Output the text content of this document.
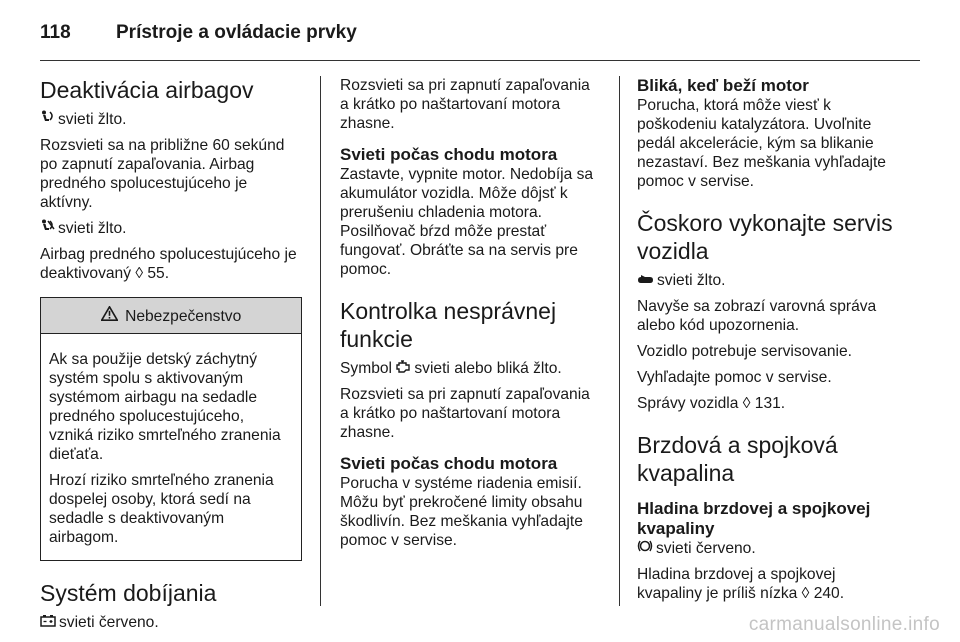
118 Prístroje a ovládacie prvky
Deaktivácia airbagov

svieti žlto.

Rozsvieti sa na približne 60 sekúnd po zapnutí zapaľovania. Airbag predného spolucestujúceho je aktívny.

svieti žlto.

Airbag predného spolucestujúceho je deaktivovaný ◊ 55.

Nebezpečenstvo

Ak sa použije detský záchytný systém spolu s aktivovaným systémom airbagu na sedadle predného spolucestujúceho, vzniká riziko smrteľného zranenia dieťaťa.

Hrozí riziko smrteľného zranenia dospelej osoby, ktorá sedí na sedadle s deaktivovaným airbagom.

Systém dobíjania

svieti červeno.

Rozsvieti sa pri zapnutí zapaľovania a krátko po naštartovaní motora zhasne.

Svieti počas chodu motora

Zastavte, vypnite motor. Nedobíja sa akumulátor vozidla. Môže dôjsť k prerušeniu chladenia motora. Posilňovač bŕzd môže prestať fungovať. Obráťte sa na servis pre pomoc.

Kontrolka nesprávnej funkcie

Symbol svieti alebo bliká žlto.

Rozsvieti sa pri zapnutí zapaľovania a krátko po naštartovaní motora zhasne.

Svieti počas chodu motora

Porucha v systéme riadenia emisií. Môžu byť prekročené limity obsahu škodlivín. Bez meškania vyhľadajte pomoc v servise.

Bliká, keď beží motor

Porucha, ktorá môže viesť k poškodeniu katalyzátora. Uvoľnite pedál akcelerácie, kým sa blikanie nezastaví. Bez meškania vyhľadajte pomoc v servise.

Čoskoro vykonajte servis vozidla

svieti žlto.

Navyše sa zobrazí varovná správa alebo kód upozornenia.

Vozidlo potrebuje servisovanie.

Vyhľadajte pomoc v servise.

Správy vozidla ◊ 131.

Brzdová a spojková kvapalina
Hladina brzdovej a spojkovej kvapaliny

svieti červeno.

Hladina brzdovej a spojkovej kvapaliny je príliš nízka ◊ 240.

carmanualsonline.info
